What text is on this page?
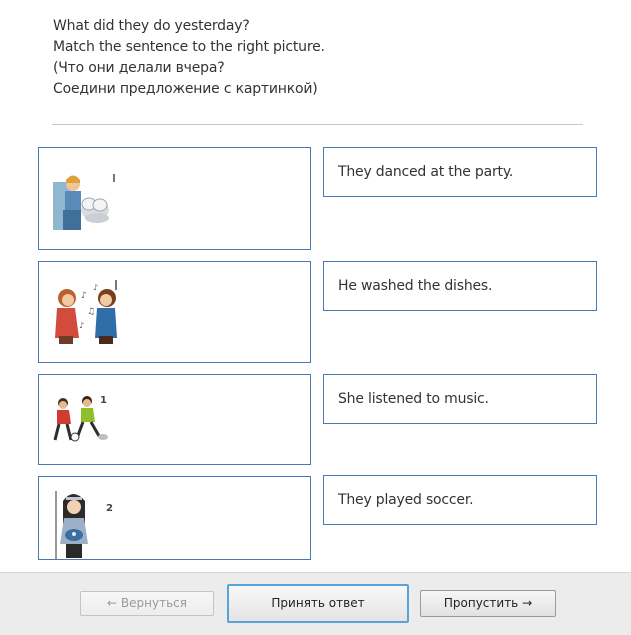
What did they do yesterday?
Match the sentence to the right picture.
(Что они делали вчера?
Соедини предложение с картинкой)
♪
♫
♪
♪
1
2
They danced at the party.
He washed the dishes.
She listened to music.
They played soccer.
← Вернуться	Принять ответ	Пропустить →
